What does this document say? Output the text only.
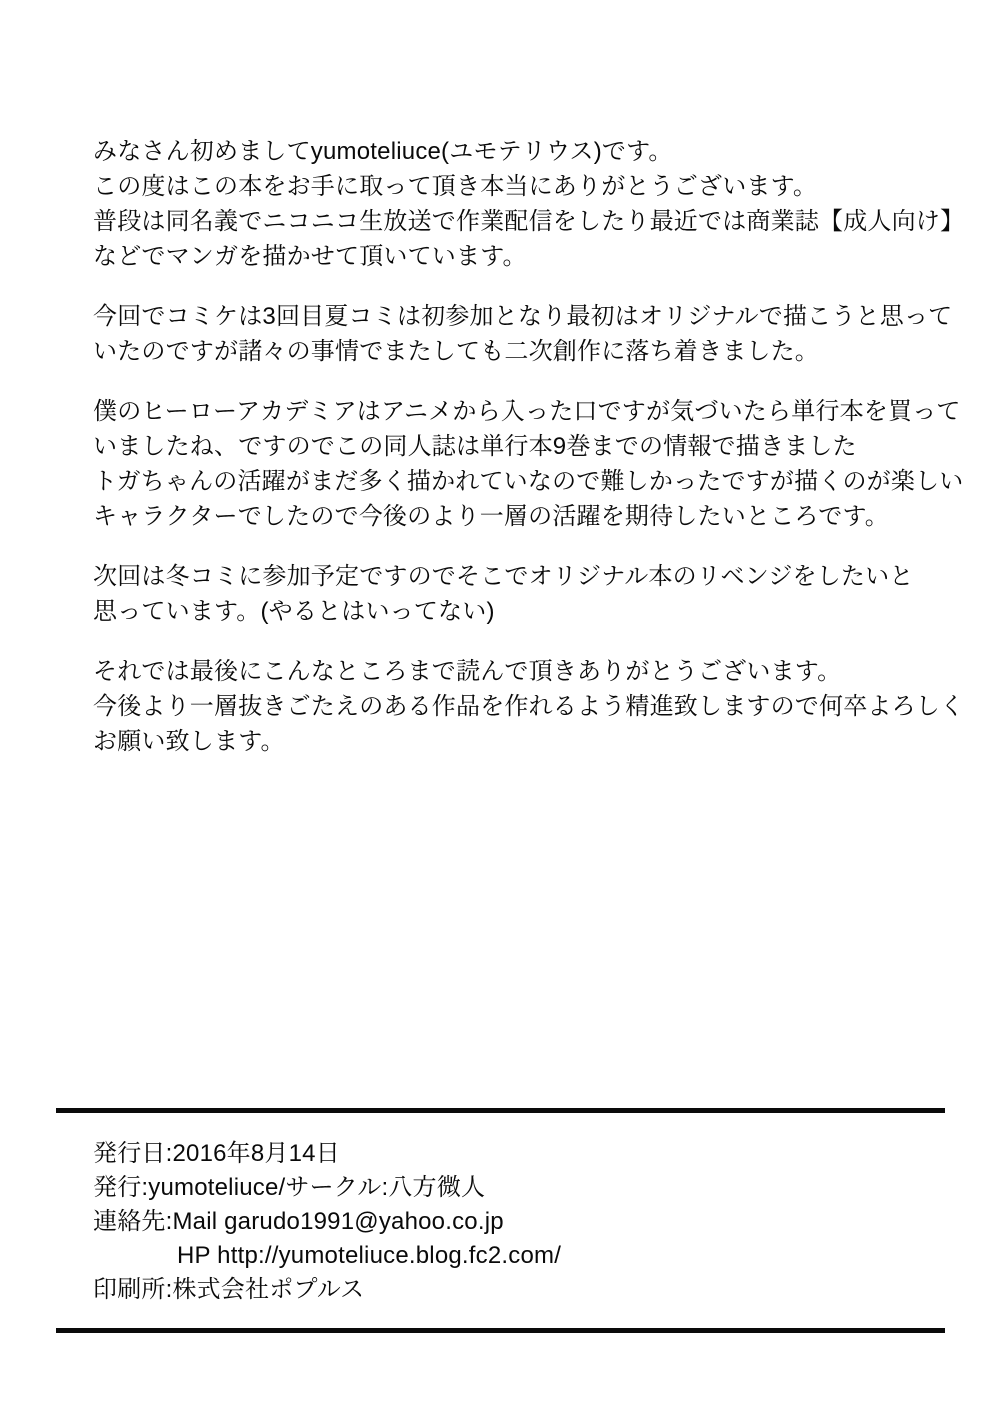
みなさん初めましてyumoteliuce(ユモテリウス)です。
この度はこの本をお手に取って頂き本当にありがとうございます。
普段は同名義でニコニコ生放送で作業配信をしたり最近では商業誌【成人向け】
などでマンガを描かせて頂いています。
今回でコミケは3回目夏コミは初参加となり最初はオリジナルで描こうと思って
いたのですが諸々の事情でまたしても二次創作に落ち着きました。
僕のヒーローアカデミアはアニメから入った口ですが気づいたら単行本を買って
いましたね、ですのでこの同人誌は単行本9巻までの情報で描きました
トガちゃんの活躍がまだ多く描かれていなので難しかったですが描くのが楽しい
キャラクターでしたので今後のより一層の活躍を期待したいところです。
次回は冬コミに参加予定ですのでそこでオリジナル本のリベンジをしたいと
思っています。(やるとはいってない)
それでは最後にこんなところまで読んで頂きありがとうございます。
今後より一層抜きごたえのある作品を作れるよう精進致しますので何卒よろしく
お願い致します。
発行日:2016年8月14日
発行:yumoteliuce/サークル:八方微人
連絡先:Mail garudo1991@yahoo.co.jp
HP http://yumoteliuce.blog.fc2.com/
印刷所:株式会社ポプルス
